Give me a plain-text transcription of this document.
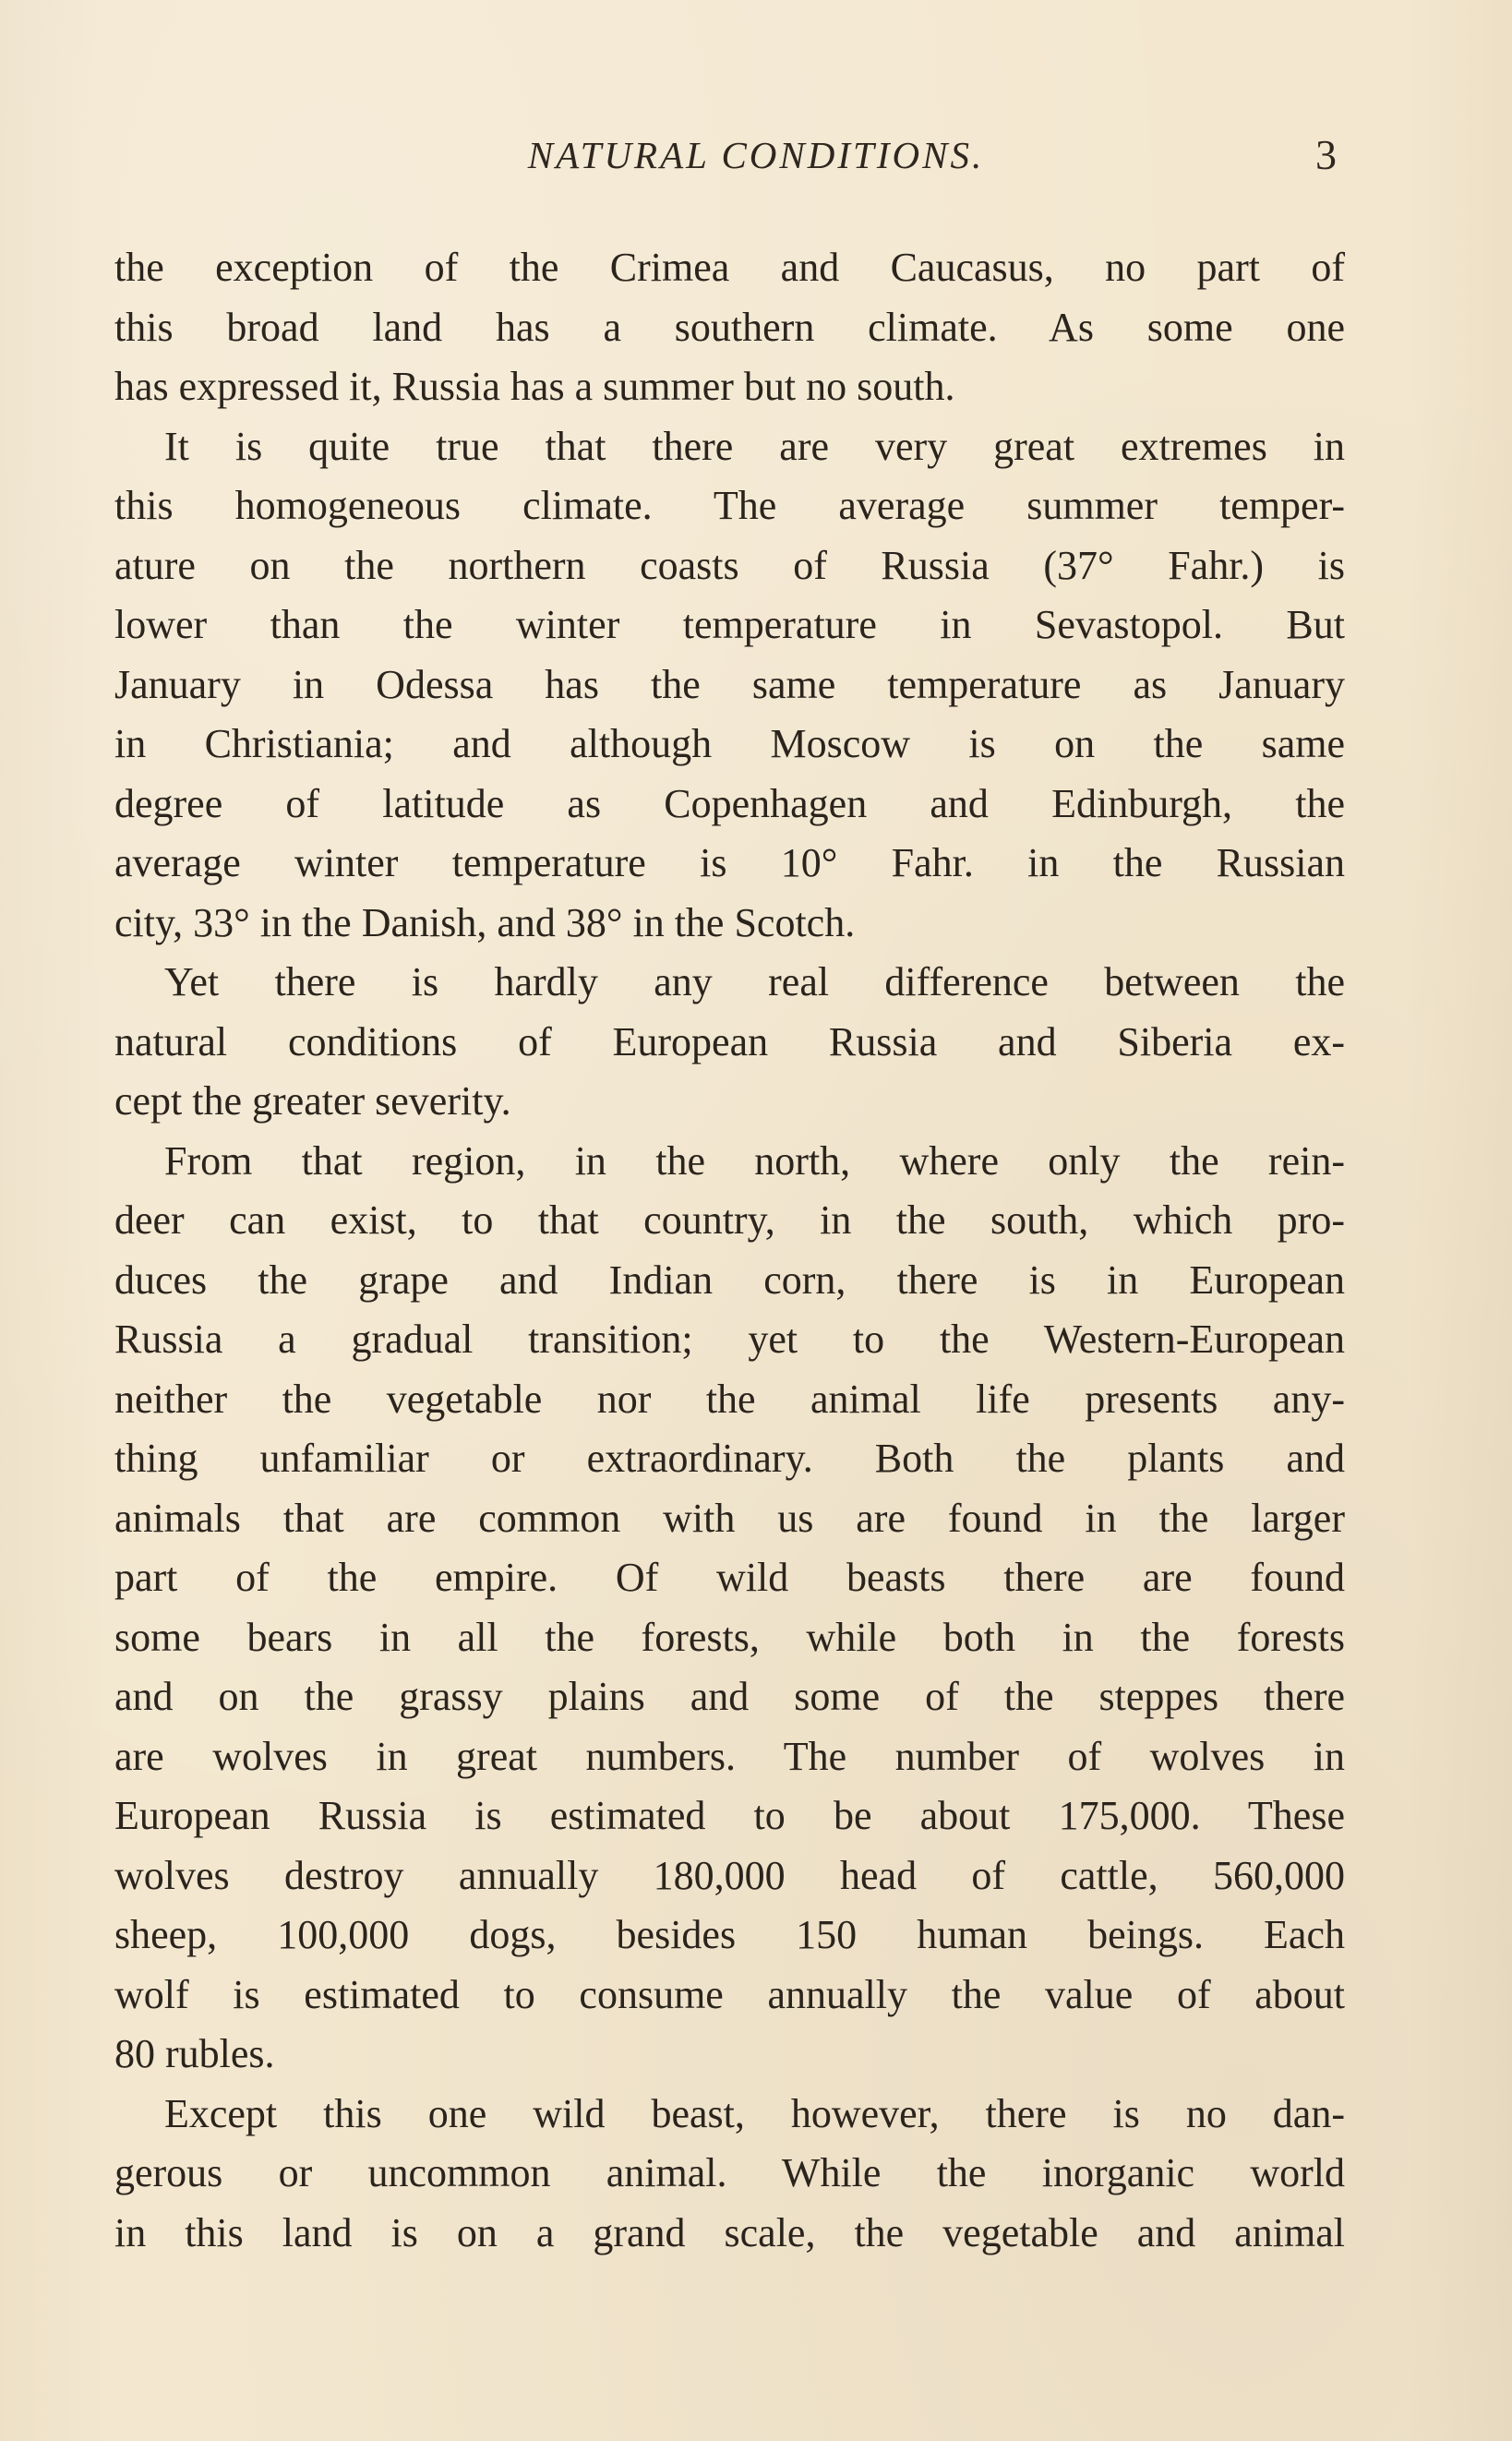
NATURAL CONDITIONS.	3
the exception of the Crimea and Caucasus, no part of
this broad land has a southern climate. As some one
has expressed it, Russia has a summer but no south.
It is quite true that there are very great extremes in
this homogeneous climate. The average summer temper-
ature on the northern coasts of Russia (37° Fahr.) is
lower than the winter temperature in Sevastopol. But
January in Odessa has the same temperature as January
in Christiania; and although Moscow is on the same
degree of latitude as Copenhagen and Edinburgh, the
average winter temperature is 10° Fahr. in the Russian
city, 33° in the Danish, and 38° in the Scotch.
Yet there is hardly any real difference between the
natural conditions of European Russia and Siberia ex-
cept the greater severity.
From that region, in the north, where only the rein-
deer can exist, to that country, in the south, which pro-
duces the grape and Indian corn, there is in European
Russia a gradual transition; yet to the Western-European
neither the vegetable nor the animal life presents any-
thing unfamiliar or extraordinary. Both the plants and
animals that are common with us are found in the larger
part of the empire. Of wild beasts there are found
some bears in all the forests, while both in the forests
and on the grassy plains and some of the steppes there
are wolves in great numbers. The number of wolves in
European Russia is estimated to be about 175,000. These
wolves destroy annually 180,000 head of cattle, 560,000
sheep, 100,000 dogs, besides 150 human beings. Each
wolf is estimated to consume annually the value of about
80 rubles.
Except this one wild beast, however, there is no dan-
gerous or uncommon animal. While the inorganic world
in this land is on a grand scale, the vegetable and animal
